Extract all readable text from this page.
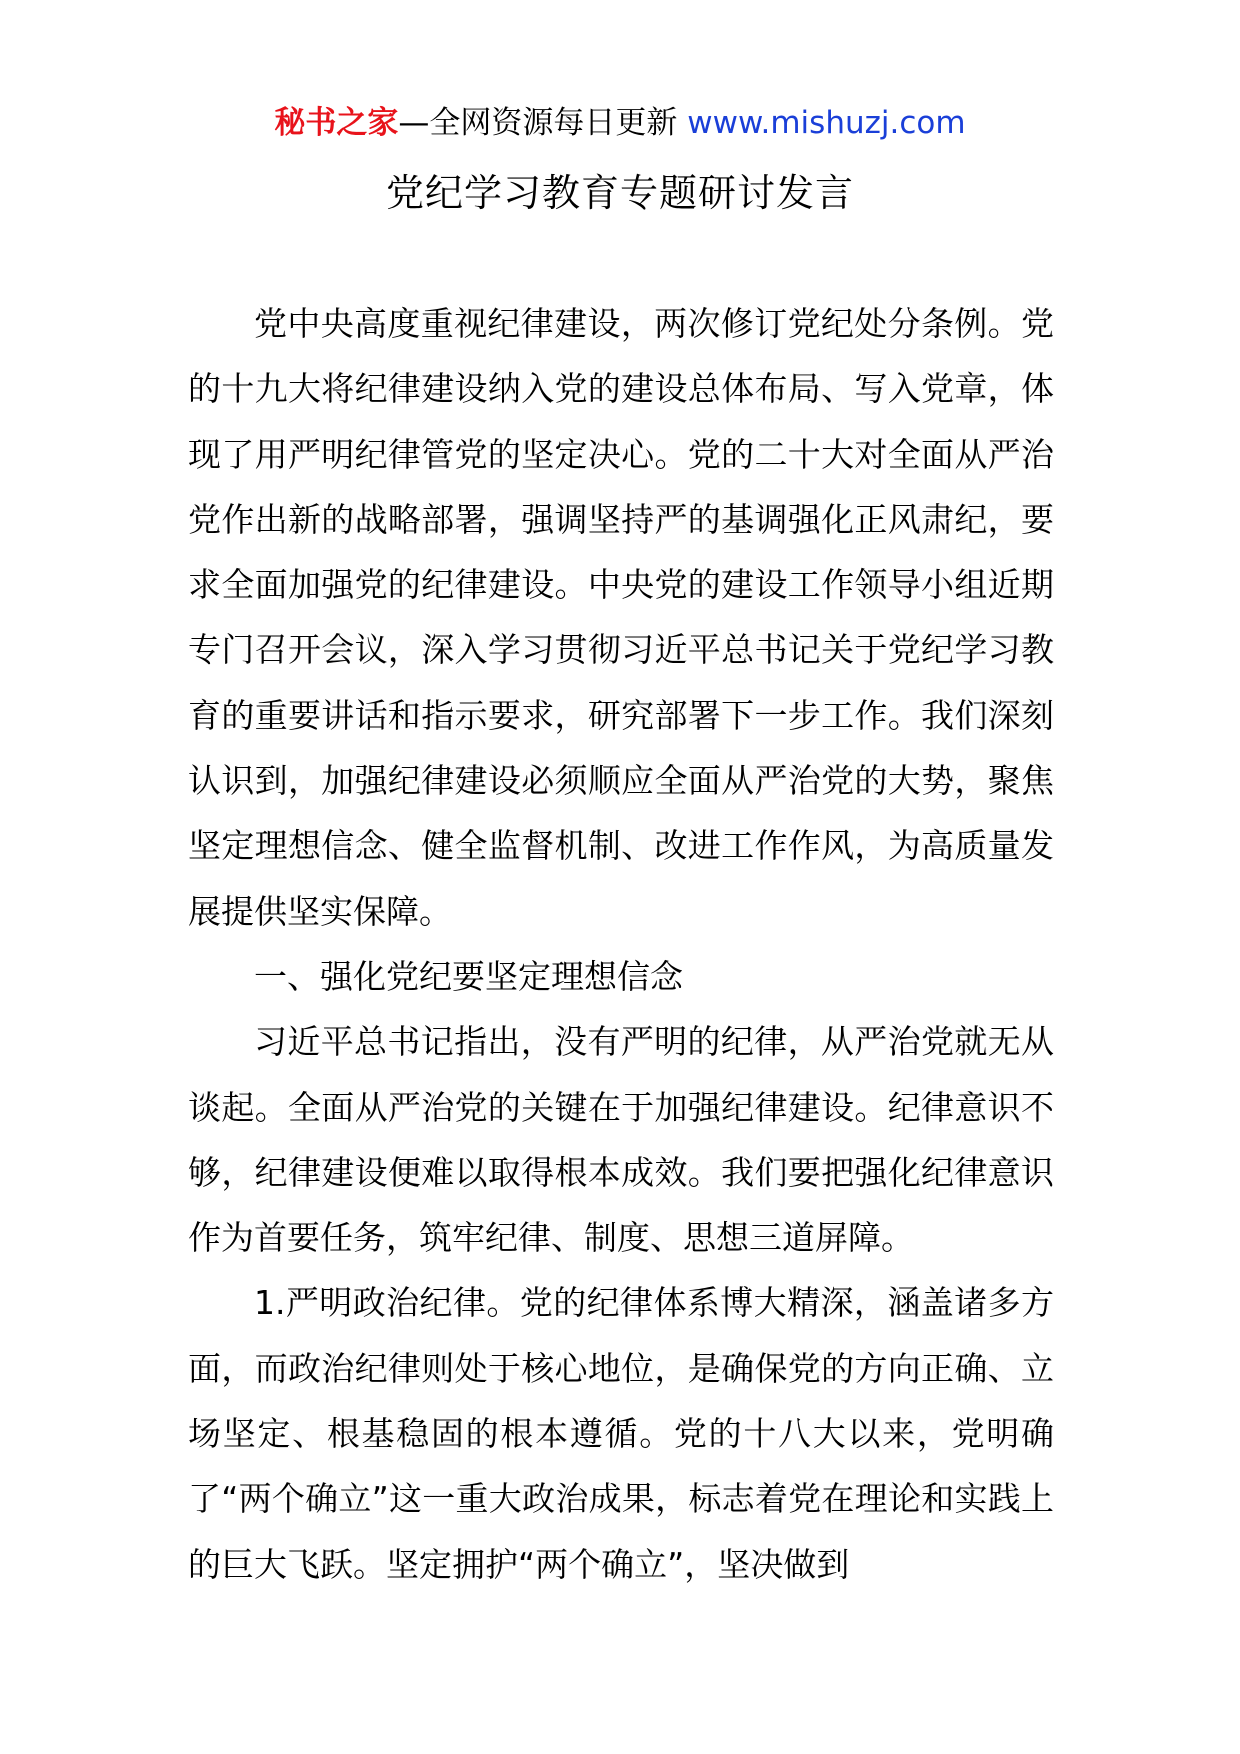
秘书之家—全网资源每日更新 www.mishuzj.com
党纪学习教育专题研讨发言

党中央高度重视纪律建设，两次修订党纪处分条例。党的十九大将纪律建设纳入党的建设总体布局、写入党章，体现了用严明纪律管党的坚定决心。党的二十大对全面从严治党作出新的战略部署，强调坚持严的基调强化正风肃纪，要求全面加强党的纪律建设。中央党的建设工作领导小组近期专门召开会议，深入学习贯彻习近平总书记关于党纪学习教育的重要讲话和指示要求，研究部署下一步工作。我们深刻认识到，加强纪律建设必须顺应全面从严治党的大势，聚焦坚定理想信念、健全监督机制、改进工作作风，为高质量发展提供坚实保障。

一、强化党纪要坚定理想信念

习近平总书记指出，没有严明的纪律，从严治党就无从谈起。全面从严治党的关键在于加强纪律建设。纪律意识不够，纪律建设便难以取得根本成效。我们要把强化纪律意识作为首要任务，筑牢纪律、制度、思想三道屏障。

1.严明政治纪律。党的纪律体系博大精深，涵盖诸多方面，而政治纪律则处于核心地位，是确保党的方向正确、立场坚定、根基稳固的根本遵循。党的十八大以来，党明确了“两个确立”这一重大政治成果，标志着党在理论和实践上的巨大飞跃。坚定拥护“两个确立”，坚决做到
